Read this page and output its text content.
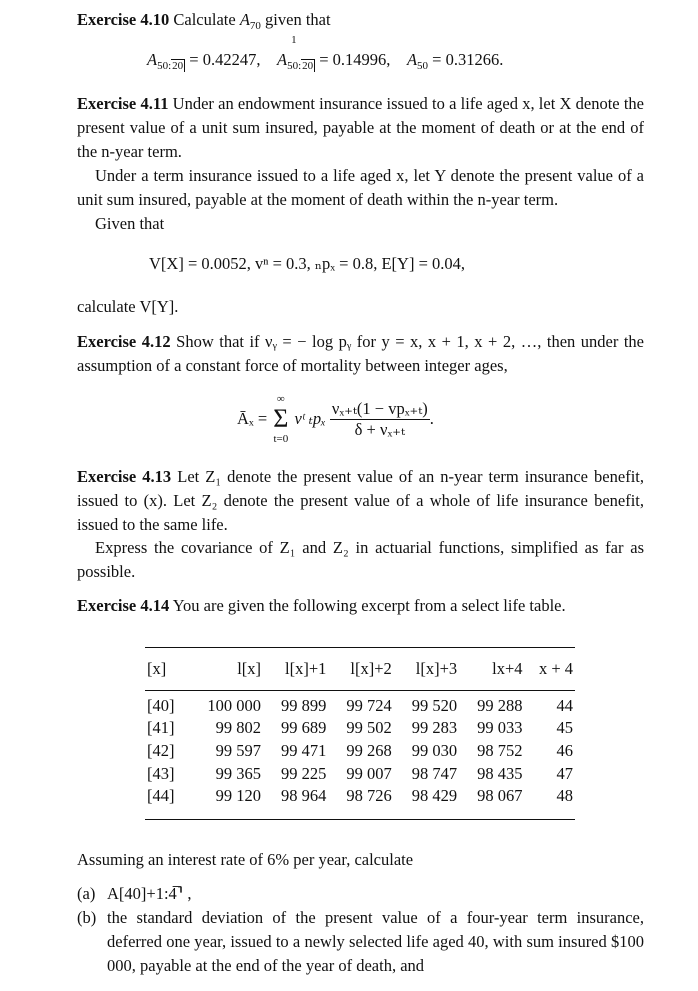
Exercise 4.10 Calculate $A_{70}$ given that
$A_{50:20} = 0.42247$, A
1
$_{50:20}$ = 0.14996, $A_{50} = 0.31266$.
Exercise 4.11 Under an endowment insurance issued to a life aged x, let X denote the present value of a unit sum insured, payable at the moment of death or at the end of the n-year term.
Under a term insurance issued to a life aged x, let Y denote the present value of a unit sum insured, payable at the moment of death within the n-year term.
Given that
V[X] = 0.0052, vⁿ = 0.3, ₙpₓ = 0.8, E[Y] = 0.04,
calculate V[Y].
Exercise 4.12 Show that if νᵧ = − log pᵧ for y = x, x + 1, x + 2, …, then under the assumption of a constant force of mortality between integer ages,
Āₓ =
∞
Σ
t=0
vᵗ ₜpₓ $\frac{\text{νₓ₊ₜ(1 − vpₓ₊ₜ)}}{\text{δ + νₓ₊ₜ}}$ .
Exercise 4.13 Let Z₁ denote the present value of an n-year term insurance benefit, issued to (x). Let Z₂ denote the present value of a whole of life insurance benefit, issued to the same life.
Express the covariance of Z₁ and Z₂ in actuarial functions, simplified as far as possible.
Exercise 4.14 You are given the following excerpt from a select life table.
[x]	l[x]	l[x]+1	l[x]+2	l[x]+3	lx+4	x + 4
[40]	100 000	99 899	99 724	99 520	99 288	44
[41]	99 802	99 689	99 502	99 283	99 033	45
[42]	99 597	99 471	99 268	99 030	98 752	46
[43]	99 365	99 225	99 007	98 747	98 435	47
[44]	99 120	98 964	98 726	98 429	98 067	48
Assuming an interest rate of 6% per year, calculate
(a) A[40]+1:4̅⸣ ,
(b) the standard deviation of the present value of a four-year term insurance, deferred one year, issued to a newly selected life aged 40, with sum insured $100 000, payable at the end of the year of death, and
